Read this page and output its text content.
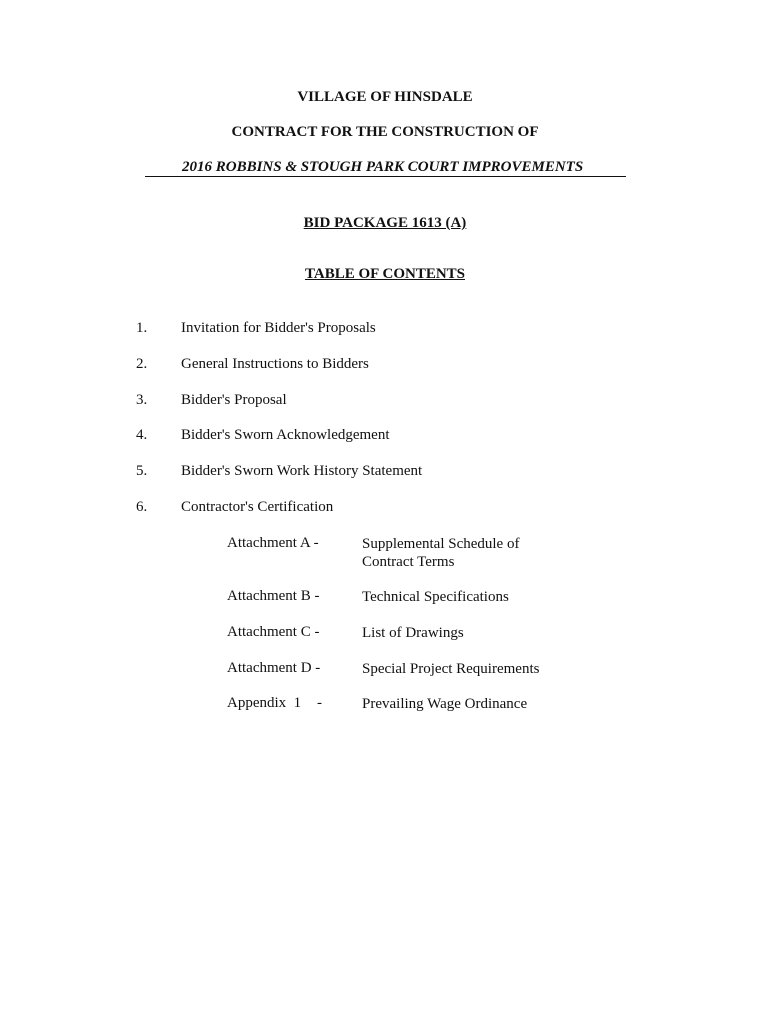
VILLAGE OF HINSDALE
CONTRACT FOR THE CONSTRUCTION OF
2016 ROBBINS & STOUGH PARK COURT IMPROVEMENTS
BID PACKAGE 1613 (A)
TABLE OF CONTENTS
1. Invitation for Bidder's Proposals
2. General Instructions to Bidders
3. Bidder's Proposal
4. Bidder's Sworn Acknowledgement
5. Bidder's Sworn Work History Statement
6. Contractor's Certification
Attachment A -	Supplemental Schedule of
Contract Terms
Attachment B -	Technical Specifications
Attachment C -	List of Drawings
Attachment D -	Special Project Requirements
Appendix  1 -	Prevailing Wage Ordinance
